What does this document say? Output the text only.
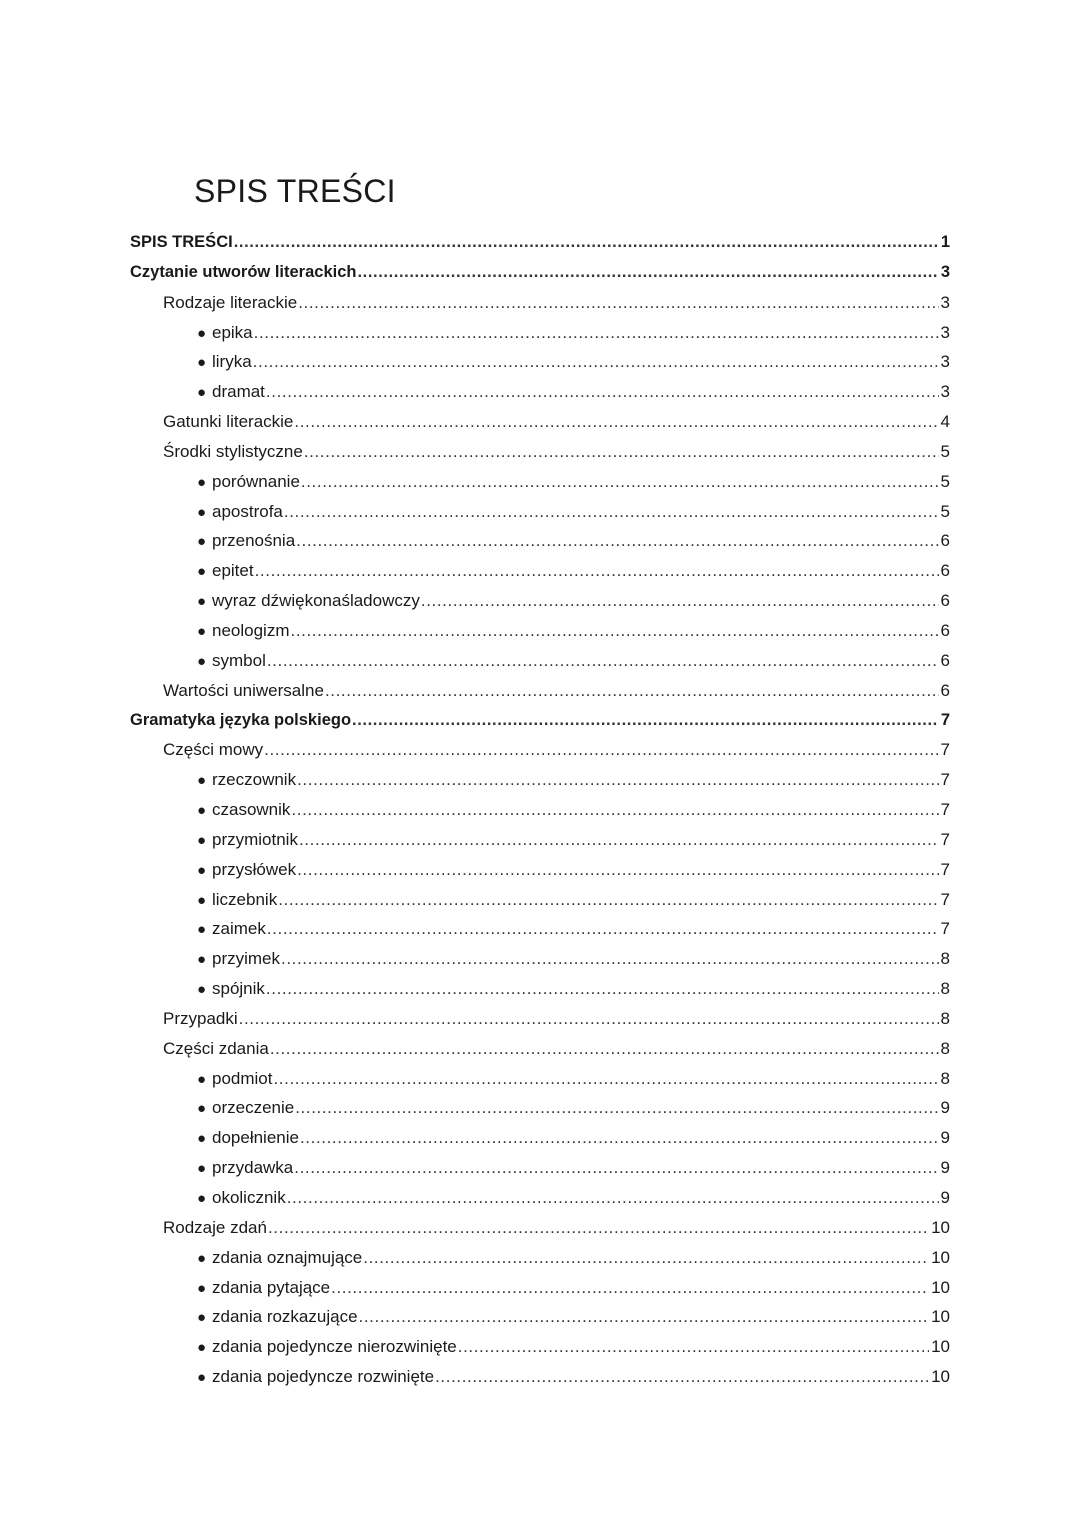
SPIS TREŚCI
SPIS TREŚCI .....	1
Czytanie utworów literackich .....	3
Rodzaje literackie .....	3
● epika .....	3
● liryka .....	3
● dramat .....	3
Gatunki literackie .....	4
Środki stylistyczne .....	5
● porównanie .....	5
● apostrofa .....	5
● przenośnia .....	6
● epitet .....	6
● wyraz dźwiękonaśladowczy .....	6
● neologizm .....	6
● symbol .....	6
Wartości uniwersalne .....	6
Gramatyka języka polskiego .....	7
Części mowy .....	7
● rzeczownik .....	7
● czasownik .....	7
● przymiotnik .....	7
● przysłówek .....	7
● liczebnik .....	7
● zaimek .....	7
● przyimek .....	8
● spójnik .....	8
Przypadki .....	8
Części zdania .....	8
● podmiot .....	8
● orzeczenie .....	9
● dopełnienie .....	9
● przydawka .....	9
● okolicznik .....	9
Rodzaje zdań .....	10
● zdania oznajmujące .....	10
● zdania pytające .....	10
● zdania rozkazujące .....	10
● zdania pojedyncze nierozwinięte .....	10
● zdania pojedyncze rozwinięte .....	10
